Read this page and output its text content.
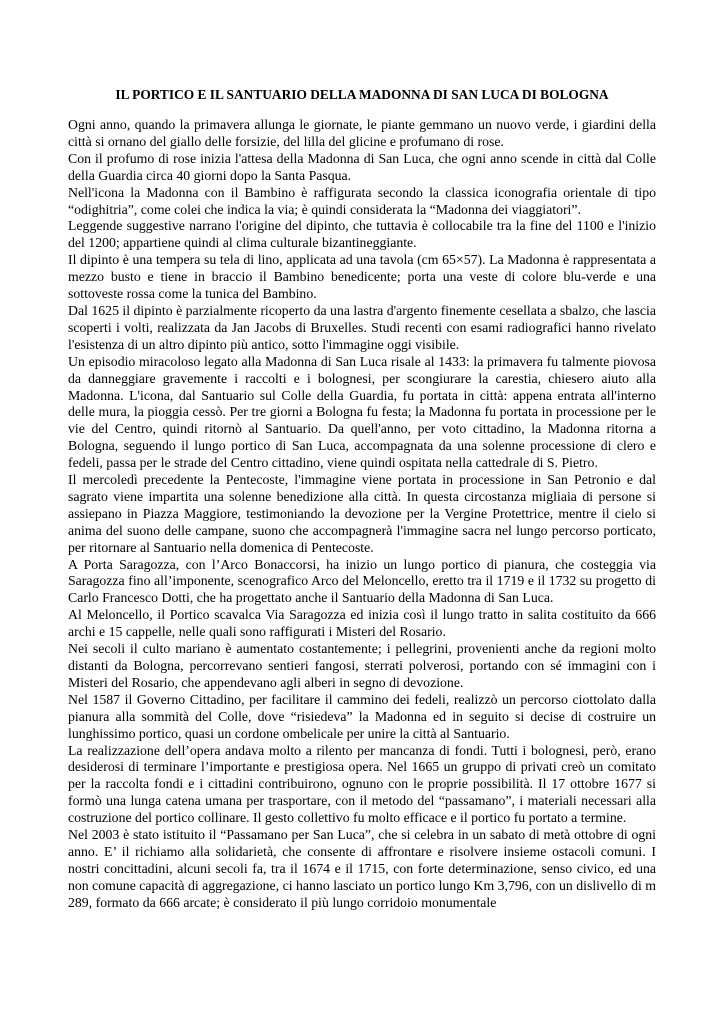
IL PORTICO E IL SANTUARIO DELLA MADONNA DI SAN LUCA DI BOLOGNA

Ogni anno, quando la primavera allunga le giornate, le piante gemmano un nuovo verde, i giardini della città si ornano del giallo delle forsizie, del lilla del glicine e profumano di rose.

Con il profumo di rose inizia l'attesa della Madonna di San Luca, che ogni anno scende in città dal Colle della Guardia circa 40 giorni dopo la Santa Pasqua.

Nell'icona la Madonna con il Bambino è raffigurata secondo la classica iconografia orientale di tipo “odighitria”, come colei che indica la via; è quindi considerata la “Madonna dei viaggiatori”.

Leggende suggestive narrano l'origine del dipinto, che tuttavia è collocabile tra la fine del 1100 e l'inizio del 1200; appartiene quindi al clima culturale bizantineggiante.

Il dipinto è una tempera su tela di lino, applicata ad una tavola (cm 65×57). La Madonna è rappresentata a mezzo busto e tiene in braccio il Bambino benedicente; porta una veste di colore blu-verde e una sottoveste rossa come la tunica del Bambino.

Dal 1625 il dipinto è parzialmente ricoperto da una lastra d'argento finemente cesellata a sbalzo, che lascia scoperti i volti, realizzata da Jan Jacobs di Bruxelles. Studi recenti con esami radiografici hanno rivelato l'esistenza di un altro dipinto più antico, sotto l'immagine oggi visibile.

Un episodio miracoloso legato alla Madonna di San Luca risale al 1433: la primavera fu talmente piovosa da danneggiare gravemente i raccolti e i bolognesi, per scongiurare la carestia, chiesero aiuto alla Madonna. L'icona, dal Santuario sul Colle della Guardia, fu portata in città: appena entrata all'interno delle mura, la pioggia cessò. Per tre giorni a Bologna fu festa; la Madonna fu portata in processione per le vie del Centro, quindi ritornò al Santuario. Da quell'anno, per voto cittadino, la Madonna ritorna a Bologna, seguendo il lungo portico di San Luca, accompagnata da una solenne processione di clero e fedeli, passa per le strade del Centro cittadino, viene quindi ospitata nella cattedrale di S. Pietro.

Il mercoledì precedente la Pentecoste, l'immagine viene portata in processione in San Petronio e dal sagrato viene impartita una solenne benedizione alla città. In questa circostanza migliaia di persone si assiepano in Piazza Maggiore, testimoniando la devozione per la Vergine Protettrice, mentre il cielo si anima del suono delle campane, suono che accompagnerà l'immagine sacra nel lungo percorso porticato, per ritornare al Santuario nella domenica di Pentecoste.

A Porta Saragozza, con l’Arco Bonaccorsi, ha inizio un lungo portico di pianura, che costeggia via Saragozza fino all’imponente, scenografico Arco del Meloncello, eretto tra il 1719 e il 1732 su progetto di Carlo Francesco Dotti, che ha progettato anche il Santuario della Madonna di San Luca.

Al Meloncello, il Portico scavalca Via Saragozza ed inizia così il lungo tratto in salita costituito da 666 archi e 15 cappelle, nelle quali sono raffigurati i Misteri del Rosario.

Nei secoli il culto mariano è aumentato costantemente; i pellegrini, provenienti anche da regioni molto distanti da Bologna, percorrevano sentieri fangosi, sterrati polverosi, portando con sé immagini con i Misteri del Rosario, che appendevano agli alberi in segno di devozione.

Nel 1587 il Governo Cittadino, per facilitare il cammino dei fedeli, realizzò un percorso ciottolato dalla pianura alla sommità del Colle, dove “risiedeva” la Madonna ed in seguito si decise di costruire un lunghissimo portico, quasi un cordone ombelicale per unire la città al Santuario.

La realizzazione dell’opera andava molto a rilento per mancanza di fondi. Tutti i bolognesi, però, erano desiderosi di terminare l’importante e prestigiosa opera. Nel 1665 un gruppo di privati creò un comitato per la raccolta fondi e i cittadini contribuirono, ognuno con le proprie possibilità. Il 17 ottobre 1677 si formò una lunga catena umana per trasportare, con il metodo del “passamano”, i materiali necessari alla costruzione del portico collinare. Il gesto collettivo fu molto efficace e il portico fu portato a termine.

Nel 2003 è stato istituito il “Passamano per San Luca”, che si celebra in un sabato di metà ottobre di ogni anno. E’ il richiamo alla solidarietà, che consente di affrontare e risolvere insieme ostacoli comuni. I nostri concittadini, alcuni secoli fa, tra il 1674 e il 1715, con forte determinazione, senso civico, ed una non comune capacità di aggregazione, ci hanno lasciato un portico lungo Km 3,796, con un dislivello di m 289, formato da 666 arcate; è considerato il più lungo corridoio monumentale
